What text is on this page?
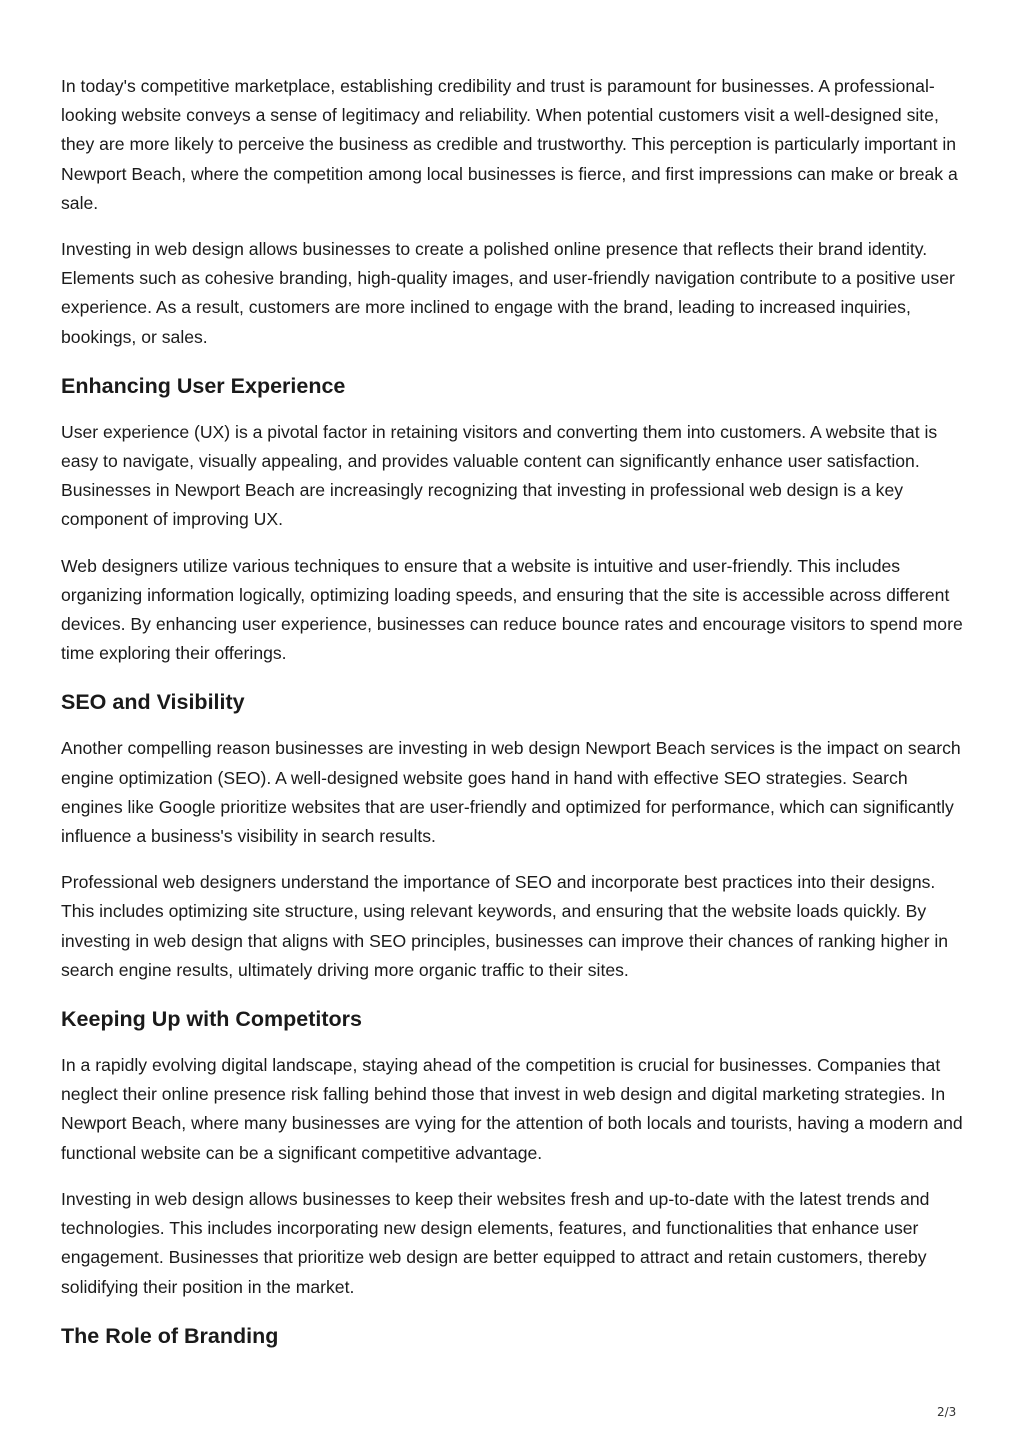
In today's competitive marketplace, establishing credibility and trust is paramount for businesses. A professional-looking website conveys a sense of legitimacy and reliability. When potential customers visit a well-designed site, they are more likely to perceive the business as credible and trustworthy. This perception is particularly important in Newport Beach, where the competition among local businesses is fierce, and first impressions can make or break a sale.

Investing in web design allows businesses to create a polished online presence that reflects their brand identity. Elements such as cohesive branding, high-quality images, and user-friendly navigation contribute to a positive user experience. As a result, customers are more inclined to engage with the brand, leading to increased inquiries, bookings, or sales.

Enhancing User Experience

User experience (UX) is a pivotal factor in retaining visitors and converting them into customers. A website that is easy to navigate, visually appealing, and provides valuable content can significantly enhance user satisfaction. Businesses in Newport Beach are increasingly recognizing that investing in professional web design is a key component of improving UX.

Web designers utilize various techniques to ensure that a website is intuitive and user-friendly. This includes organizing information logically, optimizing loading speeds, and ensuring that the site is accessible across different devices. By enhancing user experience, businesses can reduce bounce rates and encourage visitors to spend more time exploring their offerings.

SEO and Visibility

Another compelling reason businesses are investing in web design Newport Beach services is the impact on search engine optimization (SEO). A well-designed website goes hand in hand with effective SEO strategies. Search engines like Google prioritize websites that are user-friendly and optimized for performance, which can significantly influence a business's visibility in search results.

Professional web designers understand the importance of SEO and incorporate best practices into their designs. This includes optimizing site structure, using relevant keywords, and ensuring that the website loads quickly. By investing in web design that aligns with SEO principles, businesses can improve their chances of ranking higher in search engine results, ultimately driving more organic traffic to their sites.

Keeping Up with Competitors

In a rapidly evolving digital landscape, staying ahead of the competition is crucial for businesses. Companies that neglect their online presence risk falling behind those that invest in web design and digital marketing strategies. In Newport Beach, where many businesses are vying for the attention of both locals and tourists, having a modern and functional website can be a significant competitive advantage.

Investing in web design allows businesses to keep their websites fresh and up-to-date with the latest trends and technologies. This includes incorporating new design elements, features, and functionalities that enhance user engagement. Businesses that prioritize web design are better equipped to attract and retain customers, thereby solidifying their position in the market.

The Role of Branding
2/3
